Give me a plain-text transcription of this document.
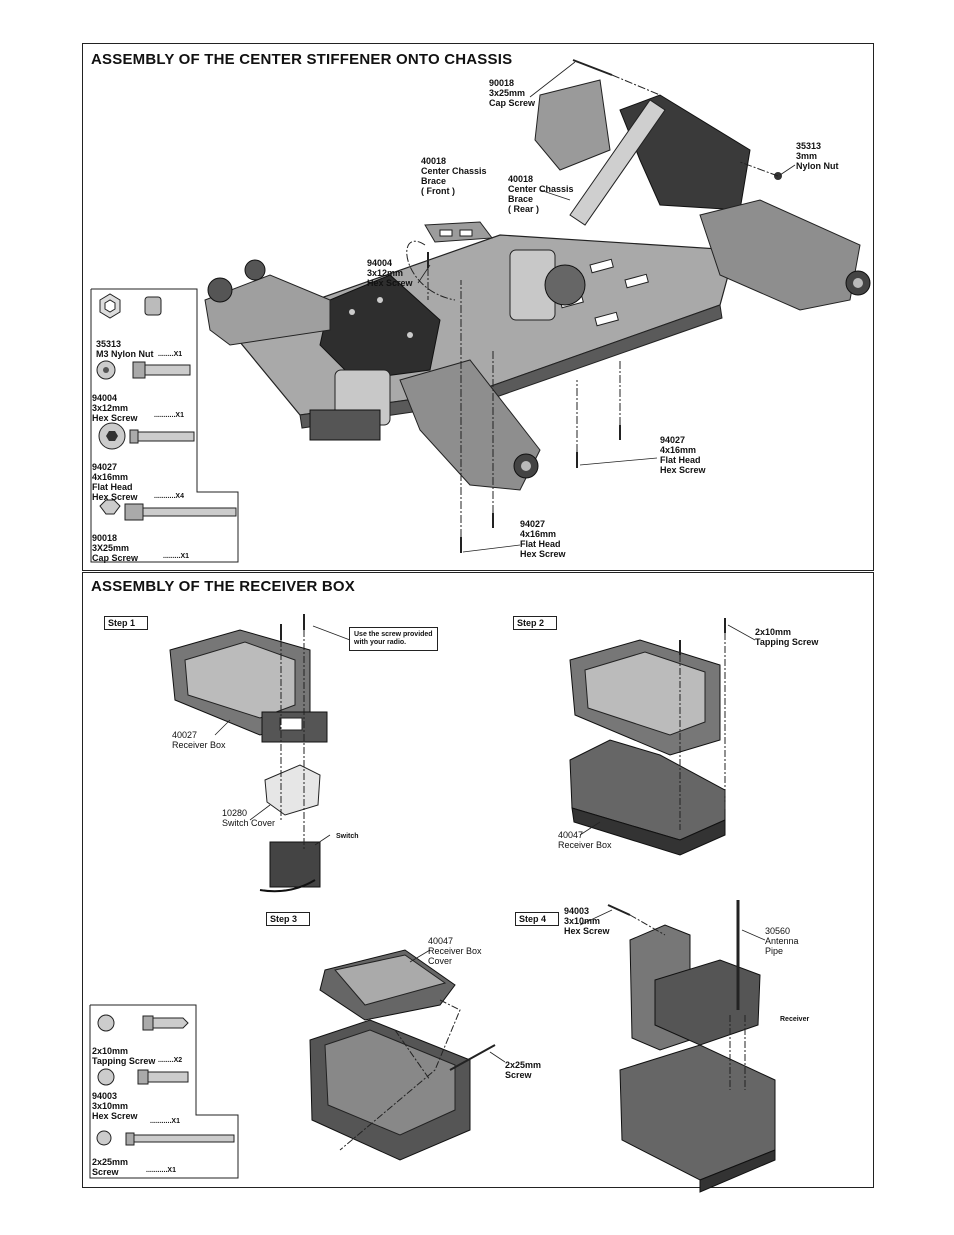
ASSEMBLY OF THE CENTER STIFFENER ONTO CHASSIS
90018
3x25mm
Cap Screw
35313
3mm
Nylon Nut
40018
Center Chassis
Brace
( Front )
40018
Center Chassis
Brace
( Rear )
94004
3x12mm
Hex Screw
94027
4x16mm
Flat Head
Hex Screw
94027
4x16mm
Flat Head
Hex Screw
35313
M3 Nylon Nut ........X1
94004
3x12mm
Hex Screw ...........X1
94027
4x16mm
Flat Head
Hex Screw ...........X4
90018
3X25mm
Cap Screw	.........X1
ASSEMBLY OF THE RECEIVER BOX
Step 1	Step 2
Step 3	Step 4
Use the screw provided
with your radio.
40027
Receiver Box
10280
Switch Cover
Switch
2x10mm
Tapping Screw
40047
Receiver Box
40047
Receiver Box
Cover
2x25mm
Screw
94003
3x10mm
Hex Screw	30560
Antenna
Pipe
Receiver
2x10mm
Tapping Screw ........X2
94003
3x10mm
Hex Screw
...........X1
2x25mm
Screw	...........X1
